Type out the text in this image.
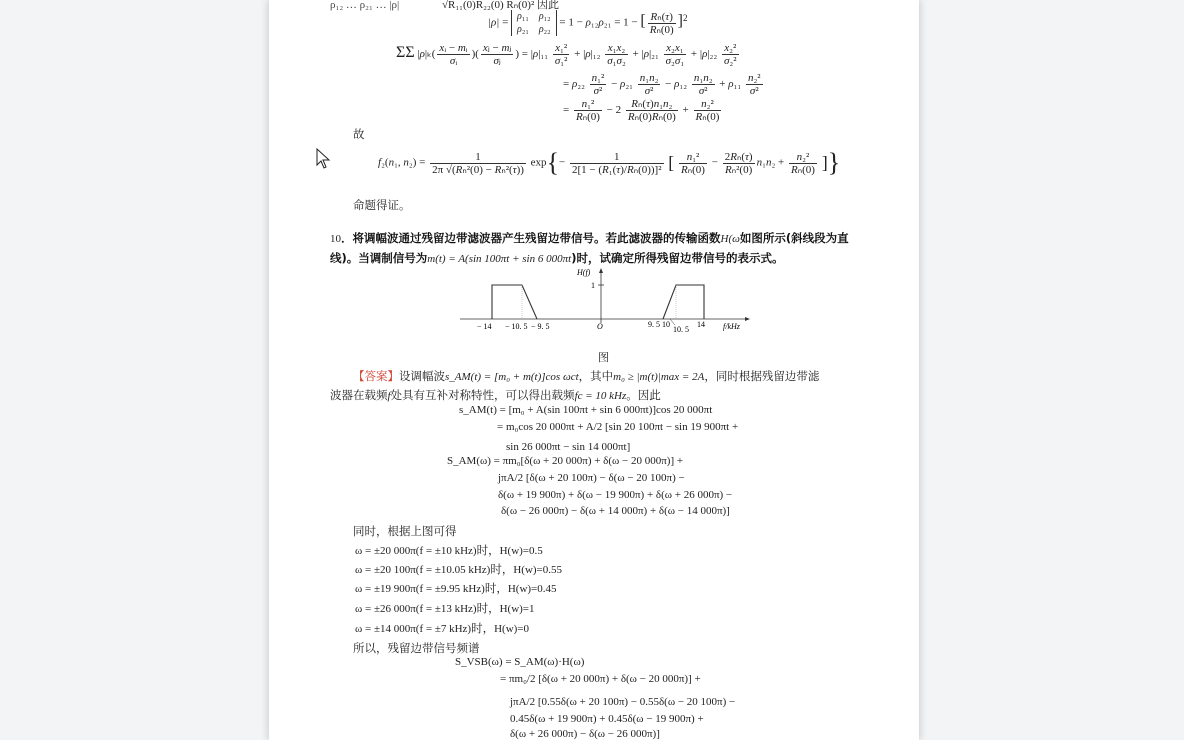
ρ₁₂ … ρ₂₁ … |ρ|	√R₁₁(0)R₂₂(0) Rₙ(0)² 因此
|ρ| = ρ₁₁    ρ₁₂
ρ₂₁    ρ₂₂ = 1 − ρ₁₂ρ₂₁ = 1 − [ $\frac{\text{Rₙ(τ)}}{\text{Rₙ(0)}} ]^2$
ΣΣ $|\rho|_k( \frac{\text{xᵢ − mᵢ}}{\text{σᵢ}}$ )( $\frac{\text{xⱼ − mⱼ}}{\text{σⱼ}}$ ) = $|\rho|_{11} \frac{\text{x₁²}}{\text{σ₁²}} + |\rho|_{12} \frac{\text{x₁x₂}}{\text{σ₁σ₂}} + |\rho|_{21} \frac{\text{x₂x₁}}{\text{σ₂σ₁}} + |\rho|_{22} \frac{\text{x₂²}}{\text{σ₂²}}$
= $\rho_{22} \frac{\text{n₁²}}{\text{σ²}} - \rho_{21} \frac{\text{n₁n₂}}{\text{σ²}} - \rho_{12} \frac{\text{n₁n₂}}{\text{σ²}} + \rho_{11} \frac{\text{n₂²}}{\text{σ²}}$
= $\frac{\text{n₁²}}{\text{Rₙ(0)}} - 2 \frac{\text{Rₙ(τ)n₁n₂}}{\text{Rₙ(0)Rₙ(0)}} + \frac{\text{n₂²}}{\text{Rₙ(0)}}$
故
f₂(n₁, $n_2) = \frac{1}{\text{2π √(Rₙ²(0) − Rₙ²(τ))}} \exp\{- \frac{1}{\text{2[1 − (R₁(τ)/Rₙ(0))]²}}$ [ $\frac{\text{n₁²}}{\text{Rₙ(0)}} - \frac{\text{2Rₙ(τ)}}{\text{Rₙ²(0)}} n_1n_2 + \frac{\text{n₂²}}{\text{Rₙ(0)}}$ ]}
命题得证。
10．将调幅波通过残留边带滤波器产生残留边带信号。若此滤波器的传输函数H(ω如图所示(斜线段为直
线)。当调制信号为m(t) = A(sin 100πt + sin 6 000πt)时，试确定所得残留边带信号的表示式。
H(f)
1
O
− 14 − 10. 5 − 9. 5	9. 5 10
10. 5
14 f/kHz
图
【答案】设调幅波s_AM(t) = [m₀ + m(t)]cos ωct，其中m₀ ≥ |m(t)|max = 2A，同时根据残留边带滤
波器在载频f处具有互补对称特性，可以得出载频fc = 10 kHz。因此
s_AM(t) = [m₀ + A(sin 100πt + sin 6 000πt)]cos 20 000πt
= m₀cos 20 000πt + A/2 [sin 20 100πt − sin 19 900πt +
sin 26 000πt − sin 14 000πt]
S_AM(ω) = πm₀[δ(ω + 20 000π) + δ(ω − 20 000π)] +
jπA/2 [δ(ω + 20 100π) − δ(ω − 20 100π) −
δ(ω + 19 900π) + δ(ω − 19 900π) + δ(ω + 26 000π) −
δ(ω − 26 000π) − δ(ω + 14 000π) + δ(ω − 14 000π)]
同时，根据上图可得
ω = ±20 000π(f = ±10 kHz)时，H(w)=0.5
ω = ±20 100π(f = ±10.05 kHz)时，H(w)=0.55
ω = ±19 900π(f = ±9.95 kHz)时，H(w)=0.45
ω = ±26 000π(f = ±13 kHz)时，H(w)=1
ω = ±14 000π(f = ±7 kHz)时，H(w)=0
所以，残留边带信号频谱
S_VSB(ω) = S_AM(ω)·H(ω)
= πm₀/2 [δ(ω + 20 000π) + δ(ω − 20 000π)] +
jπA/2 [0.55δ(ω + 20 100π) − 0.55δ(ω − 20 100π) −
0.45δ(ω + 19 900π) + 0.45δ(ω − 19 900π) +
δ(ω + 26 000π) − δ(ω − 26 000π)]
